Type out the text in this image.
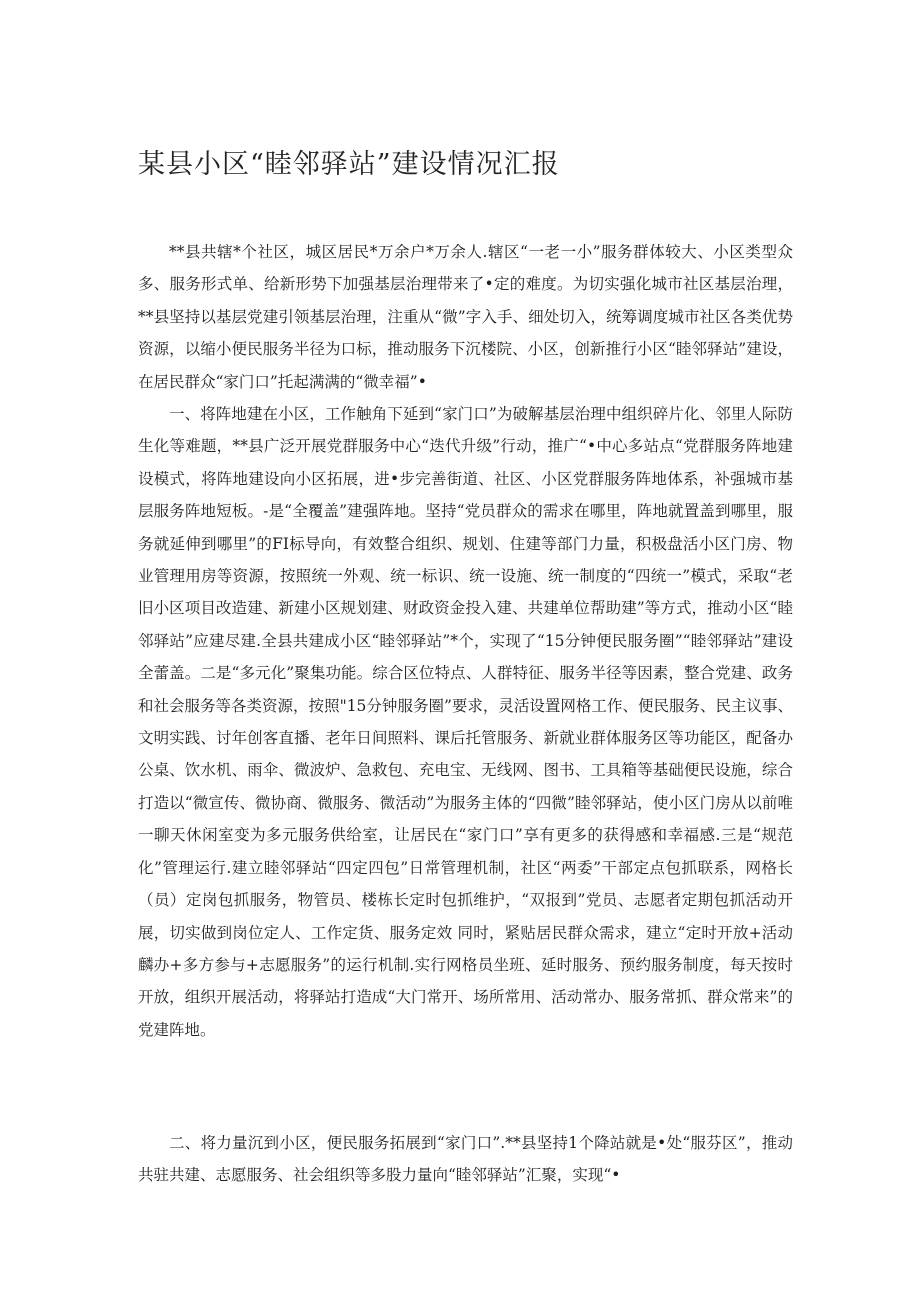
某县小区“睦邻驿站”建设情况汇报

**县共辖*个社区，城区居民*万余户*万余人.辖区“一老一小”服务群体较大、小区类型众多、服务形式单、给新形势下加强基层治理带来了•定的难度。为切实强化城市社区基层治理，**县坚持以基层党建引领基层治理，注重从“微”字入手、细处切入，统筹调度城市社区各类优势资源，以缩小便民服务半径为口标，推动服务下沉楼院、小区，创新推行小区“睦邻驿站”建设，在居民群众“家门口”托起满满的“微幸福”•

一、将阵地建在小区，工作触角下延到“家门口”为破解基层治理中组织碎片化、邻里人际防生化等难题，**县广泛开展党群服务中心“迭代升级”行动，推广“•中心多站点“党群服务阵地建设模式，将阵地建设向小区拓展，进•步完善街道、社区、小区党群服务阵地体系，补强城市基层服务阵地短板。-是“全覆盖”建强阵地。坚持“党员群众的需求在哪里，阵地就置盖到哪里，服务就延伸到哪里”的FI标导向，有效整合组织、规划、住建等部门力量，积极盘活小区门房、物业管理用房等资源，按照统一外观、统一标识、统一设施、统一制度的“四统一”模式，采取“老旧小区项目改造建、新建小区规划建、财政资金投入建、共建单位帮助建”等方式，推动小区“睦邻驿站”应建尽建.全县共建成小区“睦邻驿站”*个，实现了“15分钟便民服务圈”“睦邻驿站”建设全蕾盖。二是“多元化”聚集功能。综合区位特点、人群特征、服务半径等因素，整合党建、政务和社会服务等各类资源，按照"15分钟服务圈”要求，灵活设置网格工作、便民服务、民主议事、文明实践、讨年创客直播、老年日间照料、课后托管服务、新就业群体服务区等功能区，配备办公桌、饮水机、雨伞、微波炉、急救包、充电宝、无线网、图书、工具箱等基础便民设施，综合打造以“微宣传、微协商、微服务、微活动”为服务主体的“四微”睦邻驿站，使小区门房从以前唯一聊天休闲室变为多元服务供给室，让居民在“家门口”享有更多的获得感和幸福感.三是“规范化”管理运行.建立睦邻驿站“四定四包”日常管理机制，社区“两委”干部定点包抓联系，网格长（员）定岗包抓服务，物管员、楼栋长定时包抓维护，“双报到”党员、志愿者定期包抓活动开展，切实做到岗位定人、工作定货、服务定效 同时，紧贴居民群众需求，建立“定时开放+活动麟办+多方参与+志愿服务”的运行机制.实行网格员坐班、延时服务、预约服务制度，每天按时开放，组织开展活动，将驿站打造成“大门常开、场所常用、活动常办、服务常抓、群众常来”的党建阵地。

二、将力量沉到小区，便民服务拓展到“家门口”.**县坚持1个降站就是•处“服芬区”，推动共驻共建、志愿服务、社会组织等多股力量向“睦邻驿站”汇聚，实现“•
